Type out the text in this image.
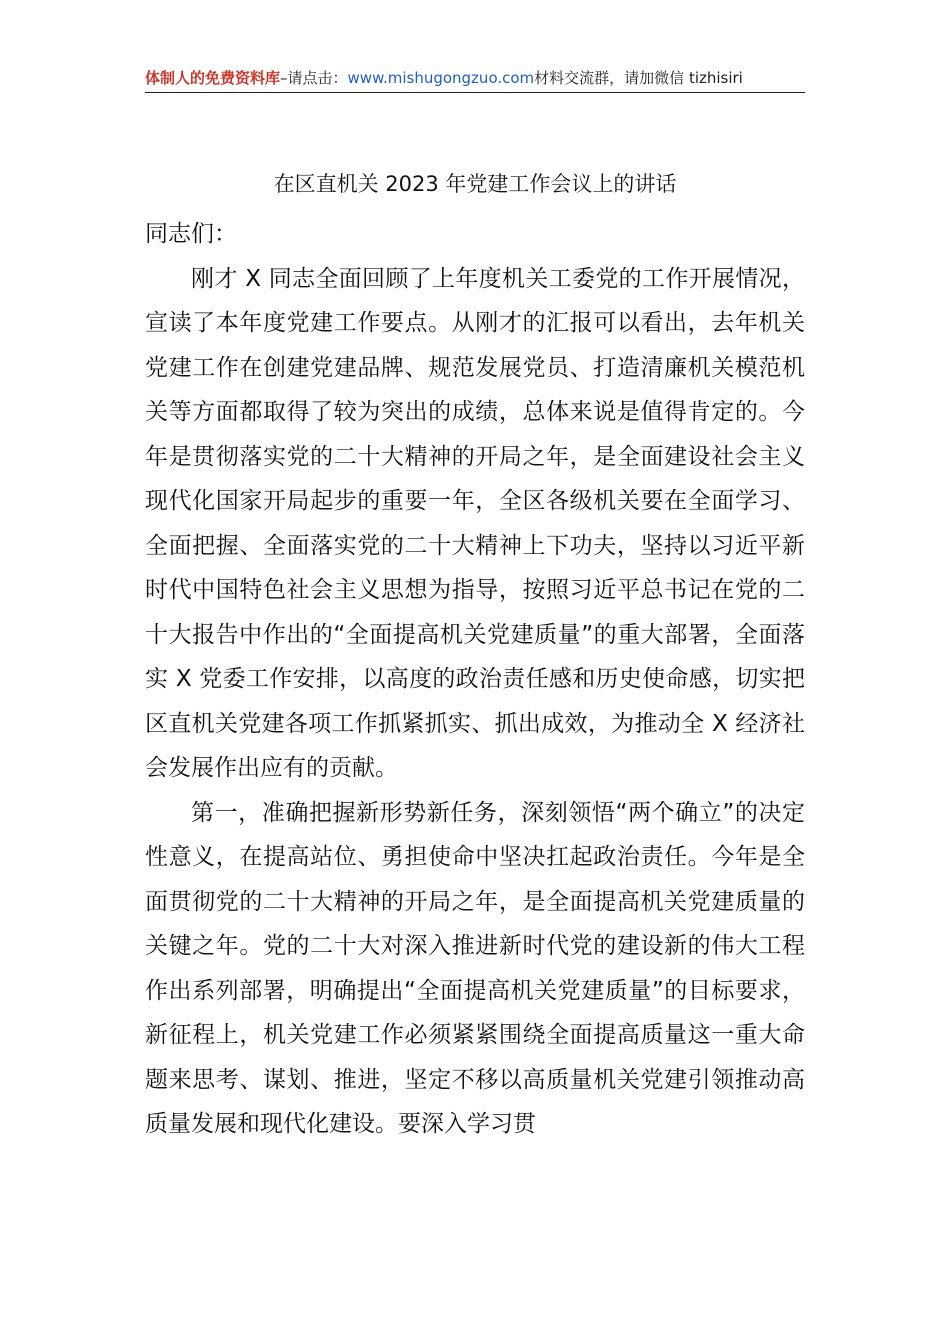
体制人的免费资料库–请点击：www.mishugongzuo.com材料交流群，请加微信 tizhisiri
在区直机关 2023 年党建工作会议上的讲话

同志们：

刚才 X 同志全面回顾了上年度机关工委党的工作开展情况，宣读了本年度党建工作要点。从刚才的汇报可以看出，去年机关党建工作在创建党建品牌、规范发展党员、打造清廉机关模范机关等方面都取得了较为突出的成绩，总体来说是值得肯定的。今年是贯彻落实党的二十大精神的开局之年，是全面建设社会主义现代化国家开局起步的重要一年，全区各级机关要在全面学习、全面把握、全面落实党的二十大精神上下功夫，坚持以习近平新时代中国特色社会主义思想为指导，按照习近平总书记在党的二十大报告中作出的“全面提高机关党建质量”的重大部署，全面落实 X 党委工作安排，以高度的政治责任感和历史使命感，切实把区直机关党建各项工作抓紧抓实、抓出成效，为推动全 X 经济社会发展作出应有的贡献。

第一，准确把握新形势新任务，深刻领悟“两个确立”的决定性意义，在提高站位、勇担使命中坚决扛起政治责任。今年是全面贯彻党的二十大精神的开局之年，是全面提高机关党建质量的关键之年。党的二十大对深入推进新时代党的建设新的伟大工程作出系列部署，明确提出“全面提高机关党建质量”的目标要求，新征程上，机关党建工作必须紧紧围绕全面提高质量这一重大命题来思考、谋划、推进，坚定不移以高质量机关党建引领推动高质量发展和现代化建设。要深入学习贯
